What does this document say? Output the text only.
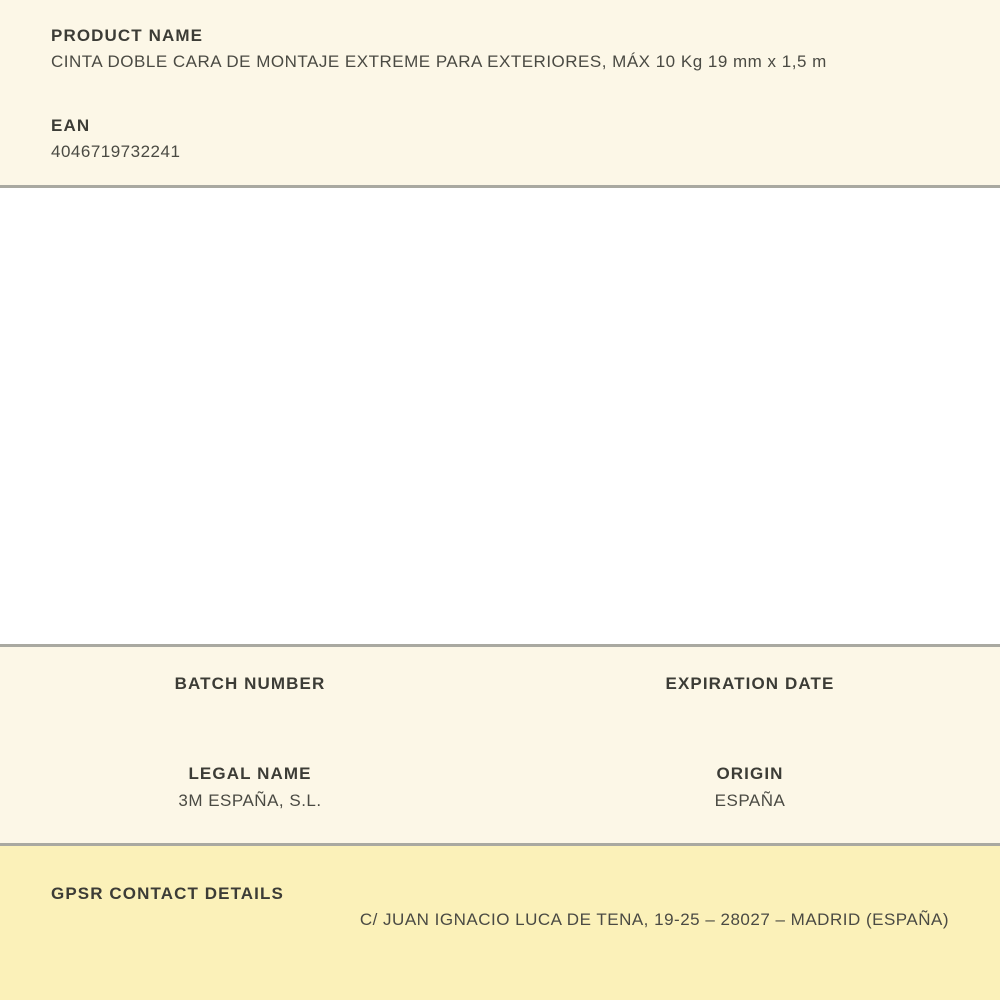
PRODUCT NAME
CINTA DOBLE CARA DE MONTAJE EXTREME PARA EXTERIORES, MÁX 10 Kg 19 mm x 1,5 m
EAN
4046719732241
BATCH NUMBER	EXPIRATION DATE
LEGAL NAME
3M ESPAÑA, S.L.
ORIGIN
ESPAÑA
GPSR CONTACT DETAILS
C/ JUAN IGNACIO LUCA DE TENA, 19-25 – 28027 – MADRID (ESPAÑA)
